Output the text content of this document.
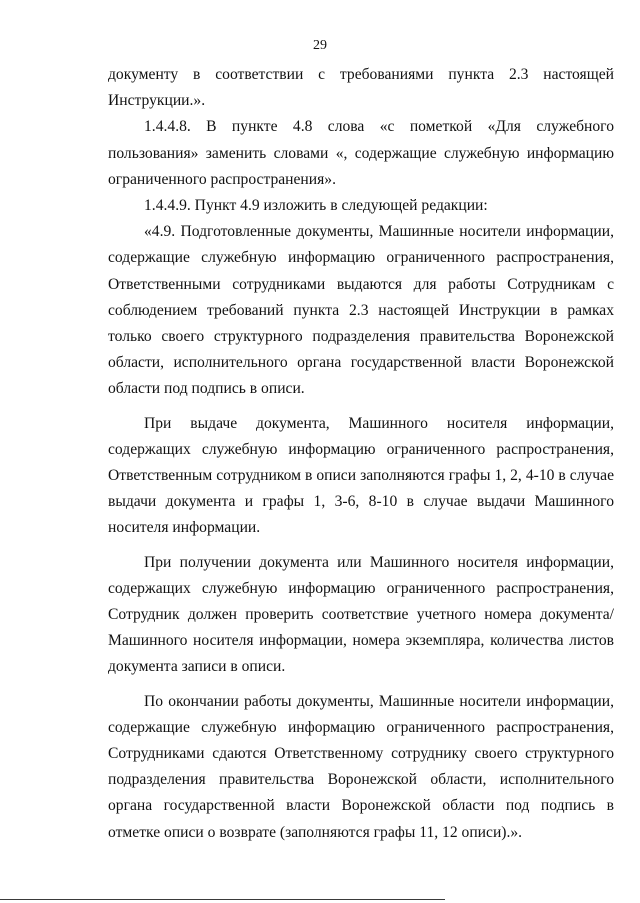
29

документу в соответствии с требованиями пункта 2.3 настоящей Инструкции.».

1.4.4.8. В пункте 4.8 слова «с пометкой «Для служебного пользования» заменить словами «, содержащие служебную информацию ограниченного распространения».

1.4.4.9. Пункт 4.9 изложить в следующей редакции:

«4.9. Подготовленные документы, Машинные носители информации, содержащие служебную информацию ограниченного распространения, Ответственными сотрудниками выдаются для работы Сотрудникам с соблюдением требований пункта 2.3 настоящей Инструкции в рамках только своего структурного подразделения правительства Воронежской области, исполнительного органа государственной власти Воронежской области под подпись в описи.

При выдаче документа, Машинного носителя информации, содержащих служебную информацию ограниченного распространения, Ответственным сотрудником в описи заполняются графы 1, 2, 4-10 в случае выдачи документа и графы 1, 3-6, 8-10 в случае выдачи Машинного носителя информации.

При получении документа или Машинного носителя информации, содержащих служебную информацию ограниченного распространения, Сотрудник должен проверить соответствие учетного номера документа/Машинного носителя информации, номера экземпляра, количества листов документа записи в описи.

По окончании работы документы, Машинные носители информации, содержащие служебную информацию ограниченного распространения, Сотрудниками сдаются Ответственному сотруднику своего структурного подразделения правительства Воронежской области, исполнительного органа государственной власти Воронежской области под подпись в отметке описи о возврате (заполняются графы 11, 12 описи).».
